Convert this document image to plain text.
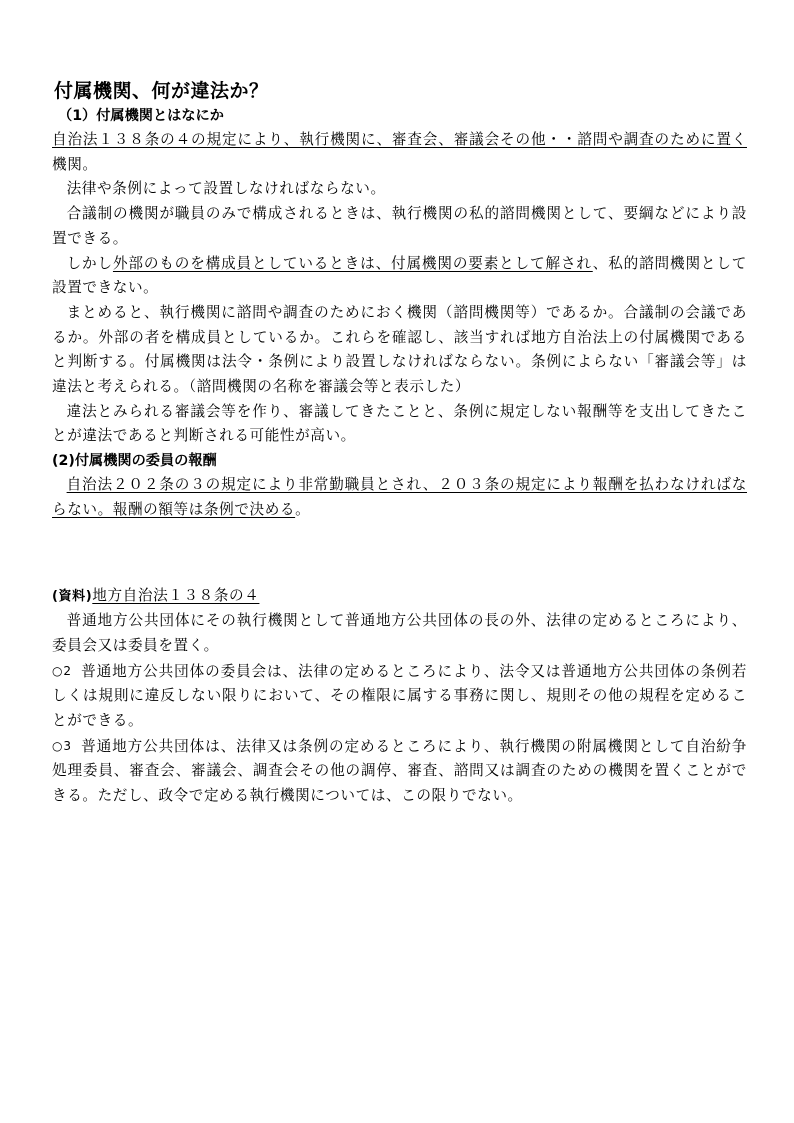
付属機関、何が違法か？
（1）付属機関とはなにか

自治法１３８条の４の規定により、執行機関に、審査会、審議会その他・・諮問や調査のために置く機関。

法律や条例によって設置しなければならない。

合議制の機関が職員のみで構成されるときは、執行機関の私的諮問機関として、要綱などにより設置できる。

しかし外部のものを構成員としているときは、付属機関の要素として解され、私的諮問機関として設置できない。

まとめると、執行機関に諮問や調査のためにおく機関（諮問機関等）であるか。合議制の会議であるか。外部の者を構成員としているか。これらを確認し、該当すれば地方自治法上の付属機関であると判断する。付属機関は法令・条例により設置しなければならない。条例によらない「審議会等」は違法と考えられる。（諮問機関の名称を審議会等と表示した）

違法とみられる審議会等を作り、審議してきたことと、条例に規定しない報酬等を支出してきたことが違法であると判断される可能性が高い。

(2)付属機関の委員の報酬

自治法２０２条の３の規定により非常勤職員とされ、２０３条の規定により報酬を払わなければならない。報酬の額等は条例で決める。

(資料)地方自治法１３８条の４

普通地方公共団体にその執行機関として普通地方公共団体の長の外、法律の定めるところにより、委員会又は委員を置く。

○2 普通地方公共団体の委員会は、法律の定めるところにより、法令又は普通地方公共団体の条例若しくは規則に違反しない限りにおいて、その権限に属する事務に関し、規則その他の規程を定めることができる。

○3 普通地方公共団体は、法律又は条例の定めるところにより、執行機関の附属機関として自治紛争処理委員、審査会、審議会、調査会その他の調停、審査、諮問又は調査のための機関を置くことができる。ただし、政令で定める執行機関については、この限りでない。
